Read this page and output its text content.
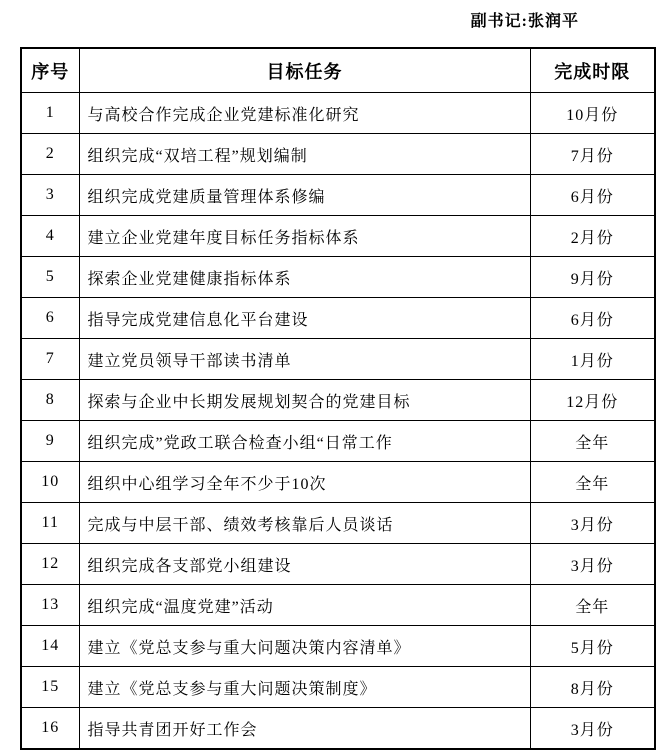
副书记:张润平
序号	目标任务	完成时限
1	与高校合作完成企业党建标准化研究	10月份
2	组织完成“双培工程”规划编制	7月份
3	组织完成党建质量管理体系修编	6月份
4	建立企业党建年度目标任务指标体系	2月份
5	探索企业党建健康指标体系	9月份
6	指导完成党建信息化平台建设	6月份
7	建立党员领导干部读书清单	1月份
8	探索与企业中长期发展规划契合的党建目标	12月份
9	组织完成”党政工联合检查小组“日常工作	全年
10	组织中心组学习全年不少于10次	全年
11	完成与中层干部、绩效考核靠后人员谈话	3月份
12	组织完成各支部党小组建设	3月份
13	组织完成“温度党建”活动	全年
14	建立《党总支参与重大问题决策内容清单》	5月份
15	建立《党总支参与重大问题决策制度》	8月份
16	指导共青团开好工作会	3月份
